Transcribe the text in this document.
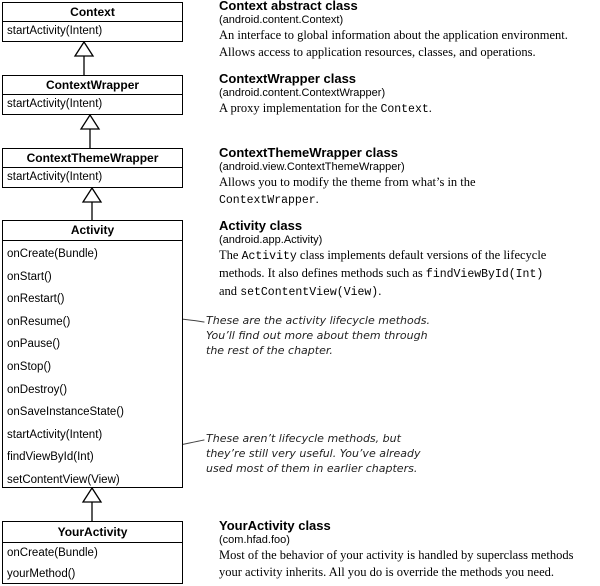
Context
startActivity(Intent)
ContextWrapper
startActivity(Intent)
ContextThemeWrapper
startActivity(Intent)
Activity
onCreate(Bundle)
onStart()
onRestart()
onResume()
onPause()
onStop()
onDestroy()
onSaveInstanceState()
startActivity(Intent)
findViewById(Int)
setContentView(View)
YourActivity
onCreate(Bundle)
yourMethod()
Context abstract class
(android.content.Context)
An interface to global information about the application environment.
Allows access to application resources, classes, and operations.
ContextWrapper class
(android.content.ContextWrapper)
A proxy implementation for the Context.
ContextThemeWrapper class
(android.view.ContextThemeWrapper)
Allows you to modify the theme from what’s in the
ContextWrapper.
Activity class
(android.app.Activity)
The Activity class implements default versions of the lifecycle
methods. It also defines methods such as findViewById(Int)
and setContentView(View).
YourActivity class
(com.hfad.foo)
Most of the behavior of your activity is handled by superclass methods
your activity inherits. All you do is override the methods you need.
These are the activity lifecycle methods.
You’ll find out more about them through
the rest of the chapter.
These aren’t lifecycle methods, but
they’re still very useful. You’ve already
used most of them in earlier chapters.
